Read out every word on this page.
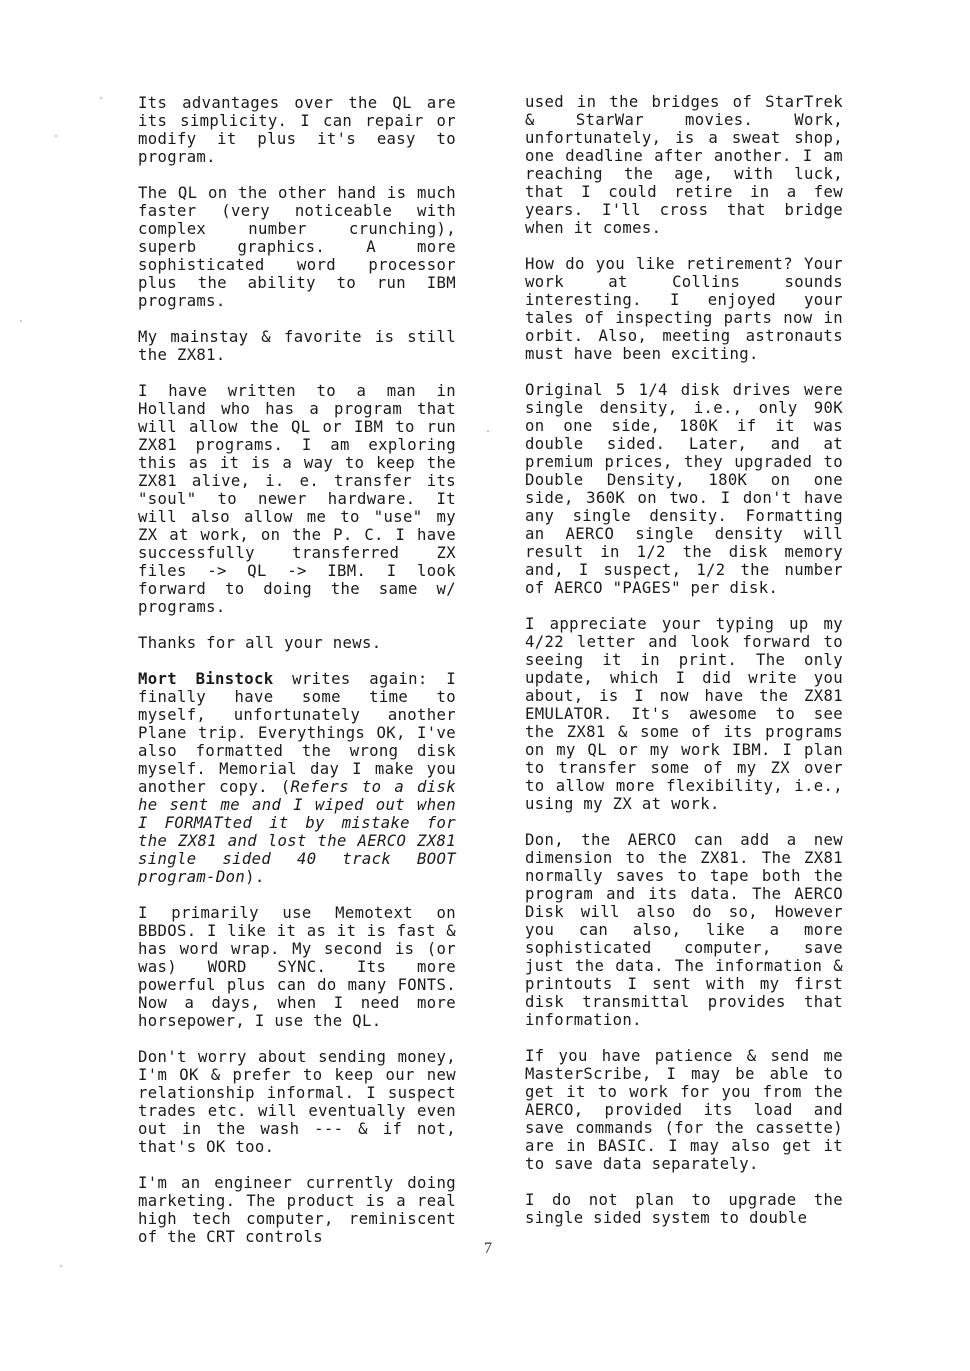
Its advantages over the QL are its simplicity. I can repair or modify it plus it's easy to program.

The QL on the other hand is much faster (very noticeable with complex number crunching), superb graphics. A more sophisticated word processor plus the ability to run IBM programs.

My mainstay & favorite is still the ZX81.

I have written to a man in Holland who has a program that will allow the QL or IBM to run ZX81 programs. I am exploring this as it is a way to keep the ZX81 alive, i. e. transfer its "soul" to newer hardware. It will also allow me to "use" my ZX at work, on the P. C. I have successfully transferred ZX files -> QL -> IBM. I look forward to doing the same w/ programs.

Thanks for all your news.

Mort Binstock writes again: I finally have some time to myself, unfortunately another Plane trip. Everythings OK, I've also formatted the wrong disk myself. Memorial day I make you another copy. (Refers to a disk he sent me and I wiped out when I FORMATted it by mistake for the ZX81 and lost the AERCO ZX81 single sided 40 track BOOT program-Don).

I primarily use Memotext on BBDOS. I like it as it is fast & has word wrap. My second is (or was) WORD SYNC. Its more powerful plus can do many FONTS. Now a days, when I need more horsepower, I use the QL.

Don't worry about sending money, I'm OK & prefer to keep our new relationship informal. I suspect trades etc. will eventually even out in the wash --- & if not, that's OK too.

I'm an engineer currently doing marketing. The product is a real high tech computer, reminiscent of the CRT controls

used in the bridges of StarTrek & StarWar movies. Work, unfortunately, is a sweat shop, one deadline after another. I am reaching the age, with luck, that I could retire in a few years. I'll cross that bridge when it comes.

How do you like retirement? Your work at Collins sounds interesting. I enjoyed your tales of inspecting parts now in orbit. Also, meeting astronauts must have been exciting.

Original 5 1/4 disk drives were single density, i.e., only 90K on one side, 180K if it was double sided. Later, and at premium prices, they upgraded to Double Density, 180K on one side, 360K on two. I don't have any single density. Formatting an AERCO single density will result in 1/2 the disk memory and, I suspect, 1/2 the number of AERCO "PAGES" per disk.

I appreciate your typing up my 4/22 letter and look forward to seeing it in print. The only update, which I did write you about, is I now have the ZX81 EMULATOR. It's awesome to see the ZX81 & some of its programs on my QL or my work IBM. I plan to transfer some of my ZX over to allow more flexibility, i.e., using my ZX at work.

Don, the AERCO can add a new dimension to the ZX81. The ZX81 normally saves to tape both the program and its data. The AERCO Disk will also do so, However you can also, like a more sophisticated computer, save just the data. The information & printouts I sent with my first disk transmittal provides that information.

If you have patience & send me MasterScribe, I may be able to get it to work for you from the AERCO, provided its load and save commands (for the cassette) are in BASIC. I may also get it to save data separately.

I do not plan to upgrade the single sided system to double

7
